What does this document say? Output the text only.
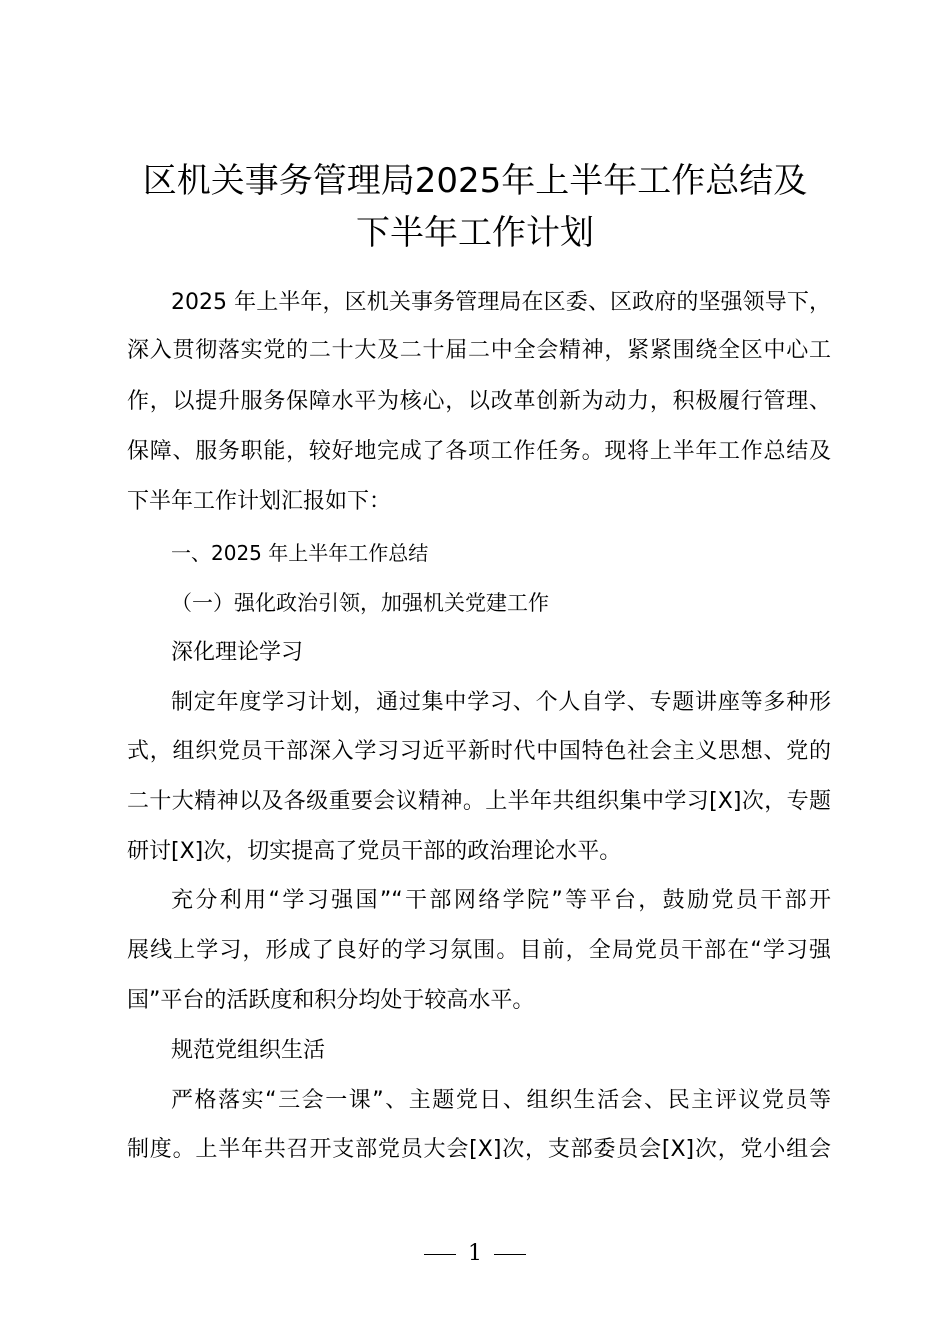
区机关事务管理局2025年上半年工作总结及
下半年工作计划
2025 年上半年，区机关事务管理局在区委、区政府的坚强领导下，
深入贯彻落实党的二十大及二十届二中全会精神，紧紧围绕全区中心工
作，以提升服务保障水平为核心，以改革创新为动力，积极履行管理、
保障、服务职能，较好地完成了各项工作任务。现将上半年工作总结及
下半年工作计划汇报如下：
一、2025 年上半年工作总结
（一）强化政治引领，加强机关党建工作
深化理论学习
制定年度学习计划，通过集中学习、个人自学、专题讲座等多种形
式，组织党员干部深入学习习近平新时代中国特色社会主义思想、党的
二十大精神以及各级重要会议精神。上半年共组织集中学习[X]次，专题
研讨[X]次，切实提高了党员干部的政治理论水平。
充分利用“学习强国”“干部网络学院”等平台，鼓励党员干部开
展线上学习，形成了良好的学习氛围。目前，全局党员干部在“学习强
国”平台的活跃度和积分均处于较高水平。
规范党组织生活
严格落实“三会一课”、主题党日、组织生活会、民主评议党员等
制度。上半年共召开支部党员大会[X]次，支部委员会[X]次，党小组会
1
